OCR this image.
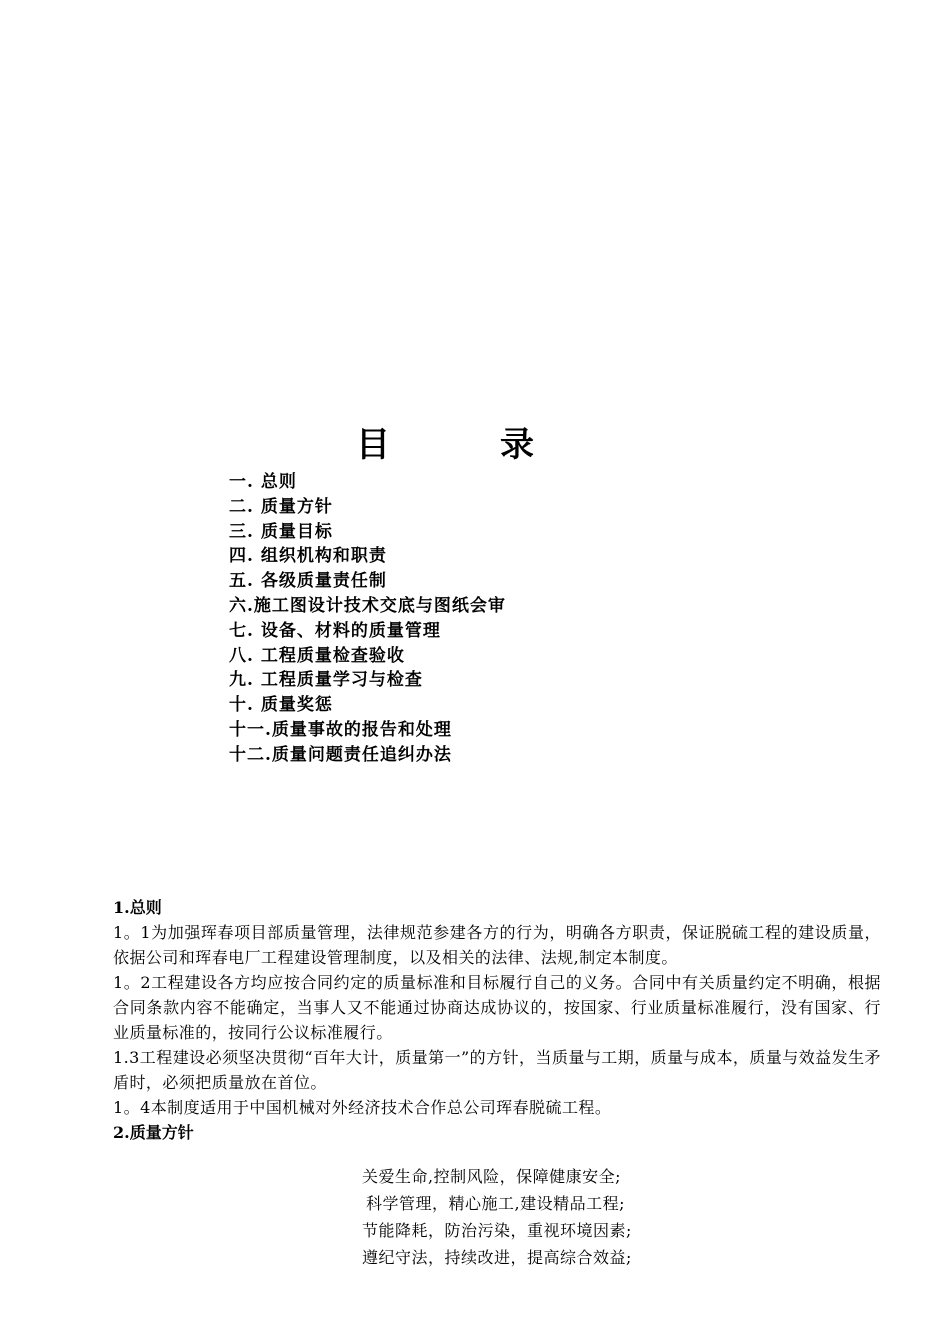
目录
一. 总则
二. 质量方针
三. 质量目标
四. 组织机构和职责
五. 各级质量责任制
六.施工图设计技术交底与图纸会审
七. 设备、材料的质量管理
八. 工程质量检查验收
九. 工程质量学习与检查
十. 质量奖惩
十一.质量事故的报告和处理
十二.质量问题责任追纠办法
1.总则

1。1为加强珲春项目部质量管理，法律规范参建各方的行为，明确各方职责，保证脱硫工程的建设质量，依据公司和珲春电厂工程建设管理制度，以及相关的法律、法规,制定本制度。

1。2工程建设各方均应按合同约定的质量标准和目标履行自己的义务。合同中有关质量约定不明确，根据合同条款内容不能确定，当事人又不能通过协商达成协议的，按国家、行业质量标准履行，没有国家、行业质量标准的，按同行公议标准履行。

1.3工程建设必须坚决贯彻“百年大计，质量第一”的方针，当质量与工期，质量与成本，质量与效益发生矛盾时，必须把质量放在首位。

1。4本制度适用于中国机械对外经济技术合作总公司珲春脱硫工程。

2.质量方针
关爱生命,控制风险，保障健康安全;
科学管理，精心施工,建设精品工程;
节能降耗，防治污染，重视环境因素;
遵纪守法，持续改进，提高综合效益;
